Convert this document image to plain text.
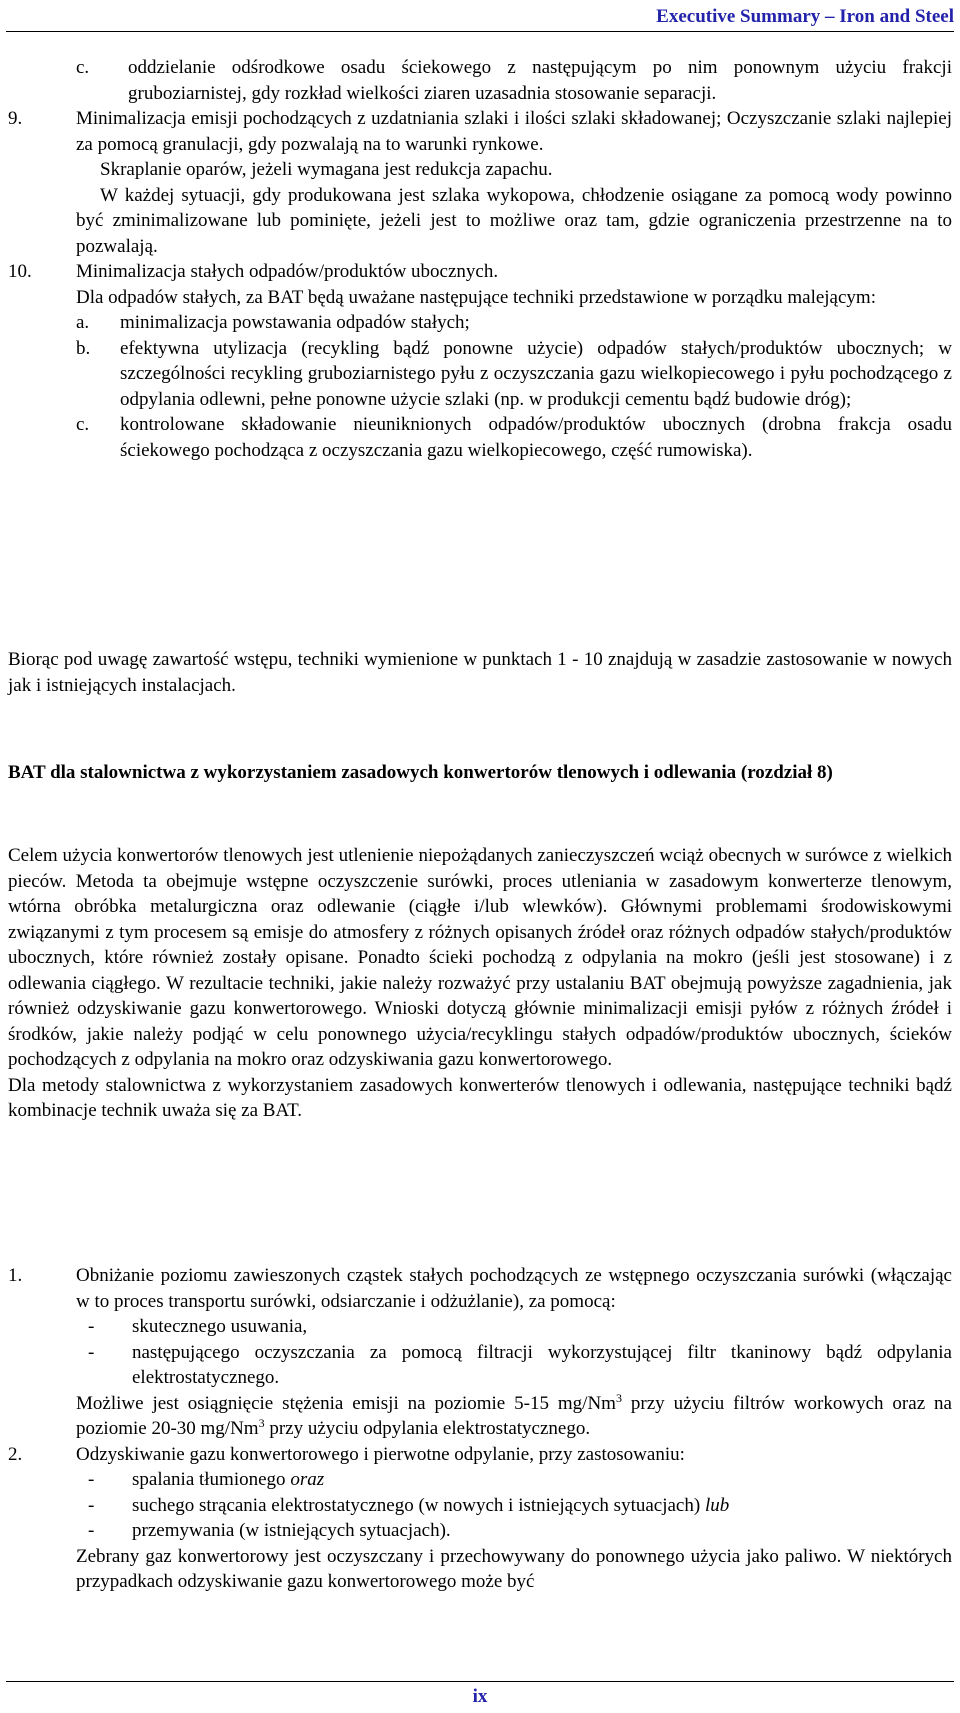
Executive Summary – Iron and Steel
c. oddzielanie odśrodkowe osadu ściekowego z następującym po nim ponownym użyciu frakcji gruboziarnistej, gdy rozkład wielkości ziaren uzasadnia stosowanie separacji.
9.	Minimalizacja emisji pochodzących z uzdatniania szlaki i ilości szlaki składowanej; Oczyszczanie szlaki najlepiej za pomocą granulacji, gdy pozwalają na to warunki rynkowe.
Skraplanie oparów, jeżeli wymagana jest redukcja zapachu.
W każdej sytuacji, gdy produkowana jest szlaka wykopowa, chłodzenie osiągane za pomocą wody powinno być zminimalizowane lub pominięte, jeżeli jest to możliwe oraz tam, gdzie ograniczenia przestrzenne na to pozwalają.
10. Minimalizacja stałych odpadów/produktów ubocznych.
Dla odpadów stałych, za BAT będą uważane następujące techniki przedstawione w porządku malejącym:
a. minimalizacja powstawania odpadów stałych;
b. efektywna utylizacja (recykling bądź ponowne użycie) odpadów stałych/produktów ubocznych; w szczególności recykling gruboziarnistego pyłu z oczyszczania gazu wielkopiecowego i pyłu pochodzącego z odpylania odlewni, pełne ponowne użycie szlaki (np. w produkcji cementu bądź budowie dróg);
c. kontrolowane składowanie nieuniknionych odpadów/produktów ubocznych (drobna frakcja osadu ściekowego pochodząca z oczyszczania gazu wielkopiecowego, część rumowiska).
Biorąc pod uwagę zawartość wstępu, techniki wymienione w punktach 1 - 10 znajdują w zasadzie zastosowanie w nowych jak i istniejących instalacjach.
BAT dla stalownictwa z wykorzystaniem zasadowych konwertorów tlenowych i odlewania (rozdział 8)
Celem użycia konwertorów tlenowych jest utlenienie niepożądanych zanieczyszczeń wciąż obecnych w surówce z wielkich pieców. Metoda ta obejmuje wstępne oczyszczenie surówki, proces utleniania w zasadowym konwerterze tlenowym, wtórna obróbka metalurgiczna oraz odlewanie (ciągłe i/lub wlewków). Głównymi problemami środowiskowymi związanymi z tym procesem są emisje do atmosfery z różnych opisanych źródeł oraz różnych odpadów stałych/produktów ubocznych, które również zostały opisane. Ponadto ścieki pochodzą z odpylania na mokro (jeśli jest stosowane) i z odlewania ciągłego. W rezultacie techniki, jakie należy rozważyć przy ustalaniu BAT obejmują powyższe zagadnienia, jak również odzyskiwanie gazu konwertorowego. Wnioski dotyczą głównie minimalizacji emisji pyłów z różnych źródeł i środków, jakie należy podjąć w celu ponownego użycia/recyklingu stałych odpadów/produktów ubocznych, ścieków pochodzących z odpylania na mokro oraz odzyskiwania gazu konwertorowego.
Dla metody stalownictwa z wykorzystaniem zasadowych konwerterów tlenowych i odlewania, następujące techniki bądź kombinacje technik uważa się za BAT.
1.	Obniżanie poziomu zawieszonych cząstek stałych pochodzących ze wstępnego oczyszczania surówki (włączając w to proces transportu surówki, odsiarczanie i odżużlanie), za pomocą:
- skutecznego usuwania,
- następującego oczyszczania za pomocą filtracji wykorzystującej filtr tkaninowy bądź odpylania elektrostatycznego.
Możliwe jest osiągnięcie stężenia emisji na poziomie 5-15 mg/Nm$^3$ przy użyciu filtrów workowych oraz na poziomie 20-30 mg/Nm$^3$ przy użyciu odpylania elektrostatycznego.
2.	Odzyskiwanie gazu konwertorowego i pierwotne odpylanie, przy zastosowaniu:
- spalania tłumionego oraz
- suchego strącania elektrostatycznego (w nowych i istniejących sytuacjach) lub
- przemywania (w istniejących sytuacjach).
Zebrany gaz konwertorowy jest oczyszczany i przechowywany do ponownego użycia jako paliwo. W niektórych przypadkach odzyskiwanie gazu konwertorowego może być
ix
